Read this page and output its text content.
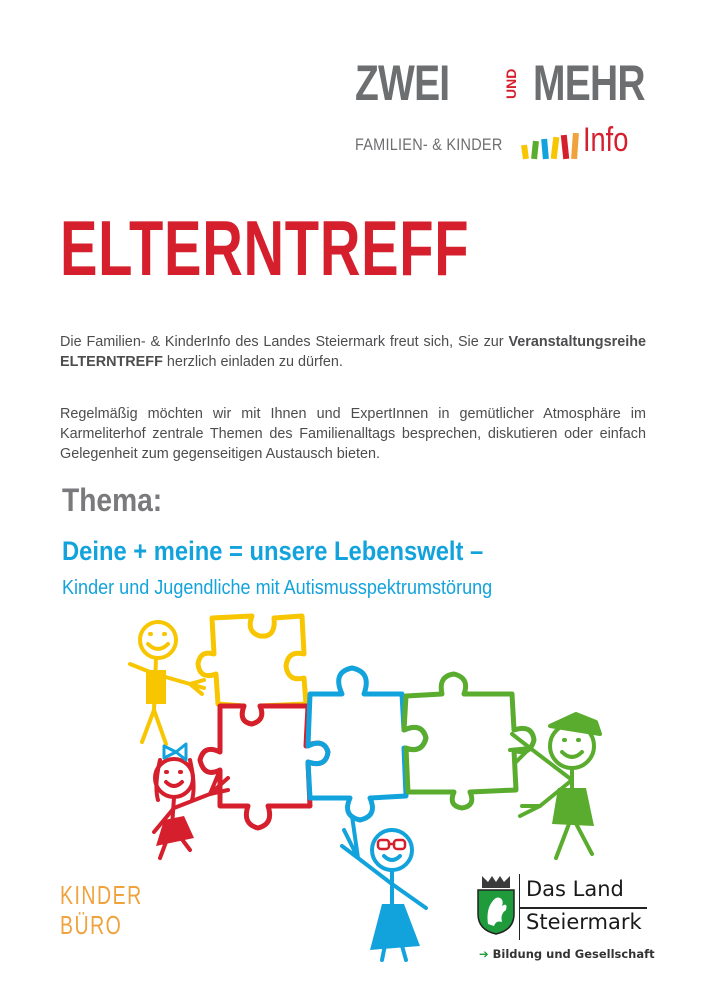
ZWEI	UND MEHR
FAMILIEN- & KINDER Info
ELTERNTREFF

Die Familien- & KinderInfo des Landes Steiermark freut sich, Sie zur Veranstaltungsreihe ELTERNTREFF herzlich einladen zu dürfen.

Regelmäßig möchten wir mit Ihnen und ExpertInnen in gemütlicher Atmosphäre im Karmeliterhof zentrale Themen des Familienalltags besprechen, diskutieren oder einfach Gelegenheit zum gegenseitigen Austausch bieten.

Thema:
Deine + meine = unsere Lebenswelt –
Kinder und Jugendliche mit Autismusspektrumstörung
KINDER
BÜRO
Das Land
Steiermark
➔ Bildung und Gesellschaft
